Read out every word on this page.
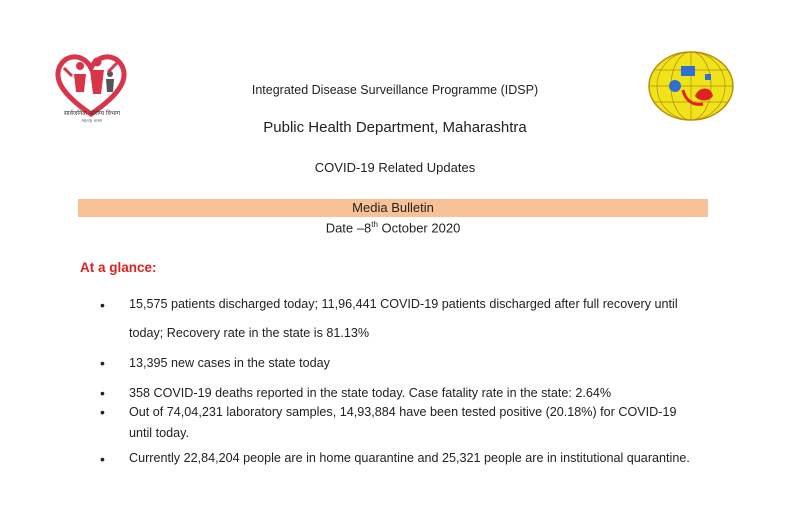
सार्वजनिक आरोग्य विभाग
महाराष्ट्र शासन
Integrated Disease Surveillance Programme (IDSP)
Public Health Department, Maharashtra
COVID-19 Related Updates
Media Bulletin
Date –8th October 2020
At a glance:
•	15,575 patients discharged today; 11,96,441 COVID-19 patients discharged after full recovery until today; Recovery rate in the state is 81.13%
•	13,395 new cases in the state today
•	358 COVID-19 deaths reported in the state today. Case fatality rate in the state: 2.64%
•	Out of 74,04,231 laboratory samples, 14,93,884 have been tested positive (20.18%) for COVID-19 until today.
•	Currently 22,84,204 people are in home quarantine and 25,321 people are in institutional quarantine.
